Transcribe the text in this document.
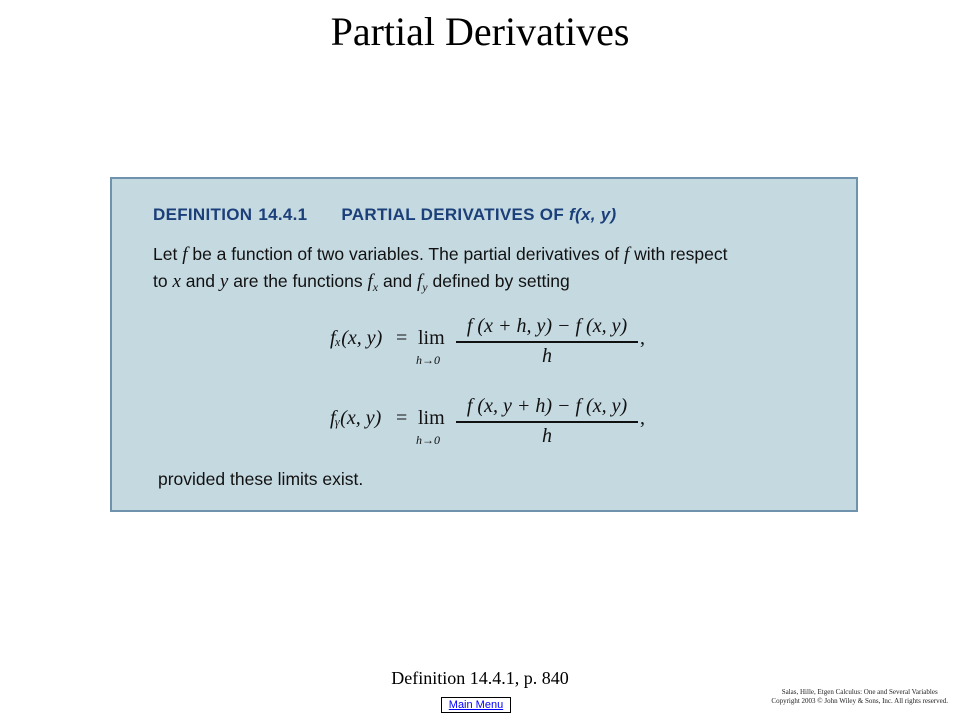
Partial Derivatives
DEFINITION 14.4.1 PARTIAL DERIVATIVES OF f(x, y)
Let f be a function of two variables. The partial derivatives of f with respect
to x and y are the functions $f_x$ and $f_y$ defined by setting
fₓ(x, y) = lim
h→0
f (x + h, y) − f (x, y)
h
,
fᵧ(x, y) = lim
h→0
f (x, y + h) − f (x, y)
h
,
provided these limits exist.
Definition 14.4.1, p. 840
Main Menu
Salas, Hille, Etgen Calculus: One and Several Variables
Copyright 2003 © John Wiley & Sons, Inc. All rights reserved.
